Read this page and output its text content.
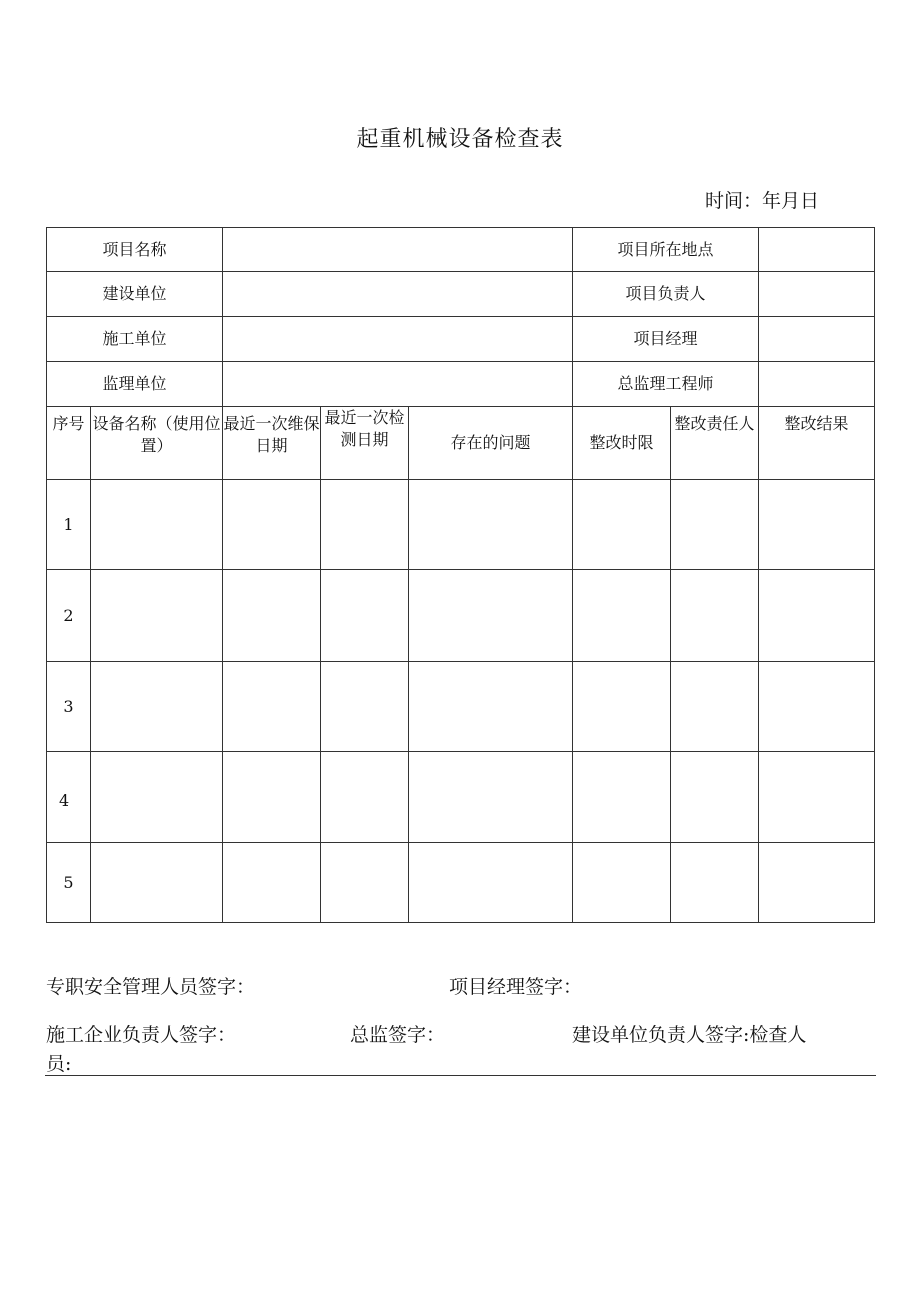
起重机械设备检查表
时间：年月日
项目名称					项目所在地点		
建设单位					项目负责人		
施工单位					项目经理		
监理单位					总监理工程师		
序号	设备名称（使用位置）	最近一次维保日期	最近一次检测日期	存在的问题	整改时限	整改责任人	整改结果
1							
2							
3							
4							
5							
专职安全管理人员签字：	项目经理签字：
施工企业负责人签字：	总监签字：	建设单位负责人签字:检查人
员:
